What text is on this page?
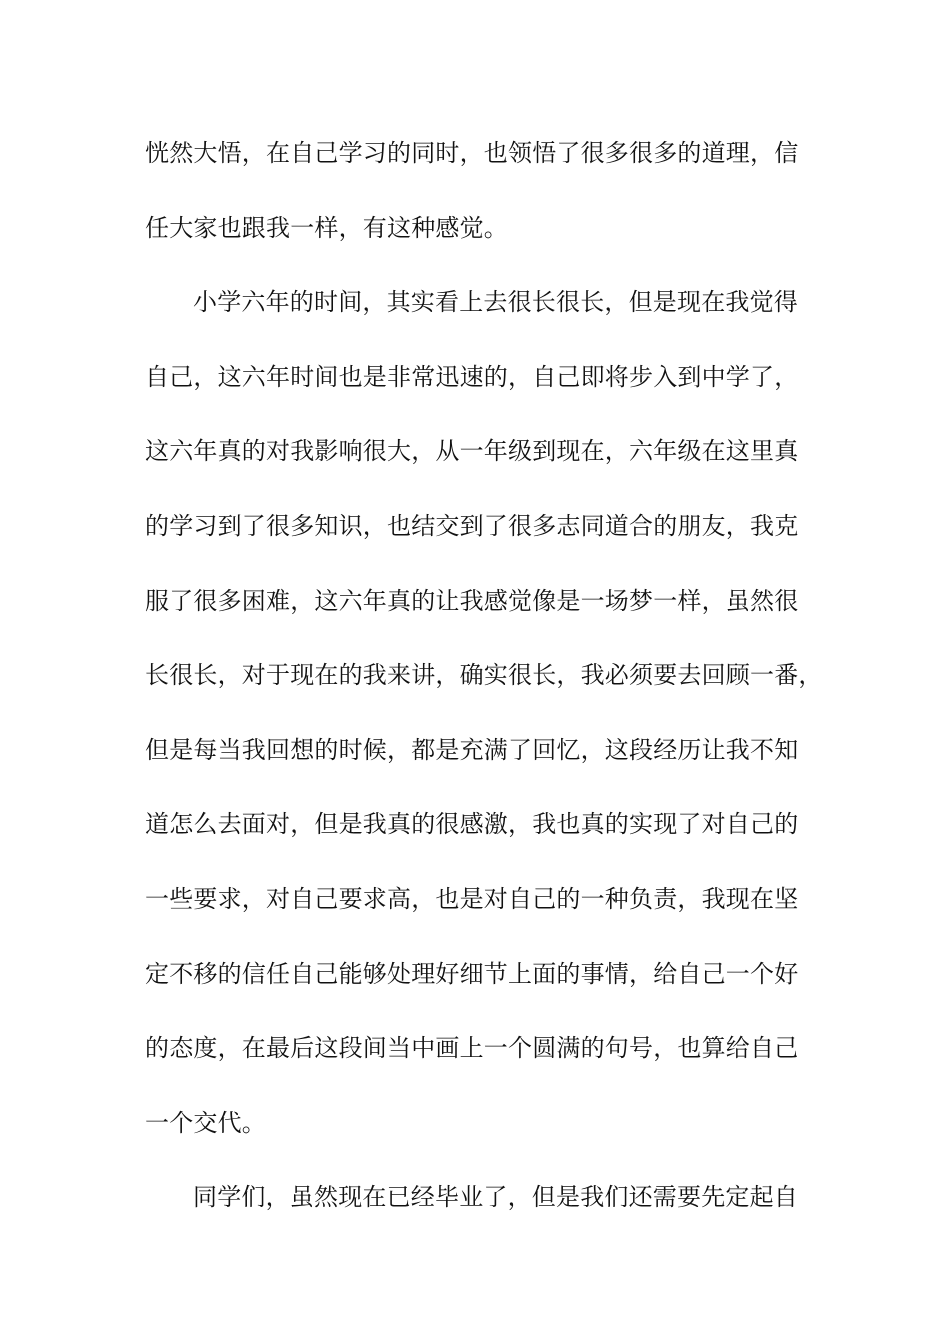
恍然大悟，在自己学习的同时，也领悟了很多很多的道理，信
任大家也跟我一样，有这种感觉。
小学六年的时间，其实看上去很长很长，但是现在我觉得
自己，这六年时间也是非常迅速的，自己即将步入到中学了，
这六年真的对我影响很大，从一年级到现在，六年级在这里真
的学习到了很多知识，也结交到了很多志同道合的朋友，我克
服了很多困难，这六年真的让我感觉像是一场梦一样，虽然很
长很长，对于现在的我来讲，确实很长，我必须要去回顾一番，
但是每当我回想的时候，都是充满了回忆，这段经历让我不知
道怎么去面对，但是我真的很感激，我也真的实现了对自己的
一些要求，对自己要求高，也是对自己的一种负责，我现在坚
定不移的信任自己能够处理好细节上面的事情，给自己一个好
的态度，在最后这段间当中画上一个圆满的句号，也算给自己
一个交代。
同学们，虽然现在已经毕业了，但是我们还需要先定起自
